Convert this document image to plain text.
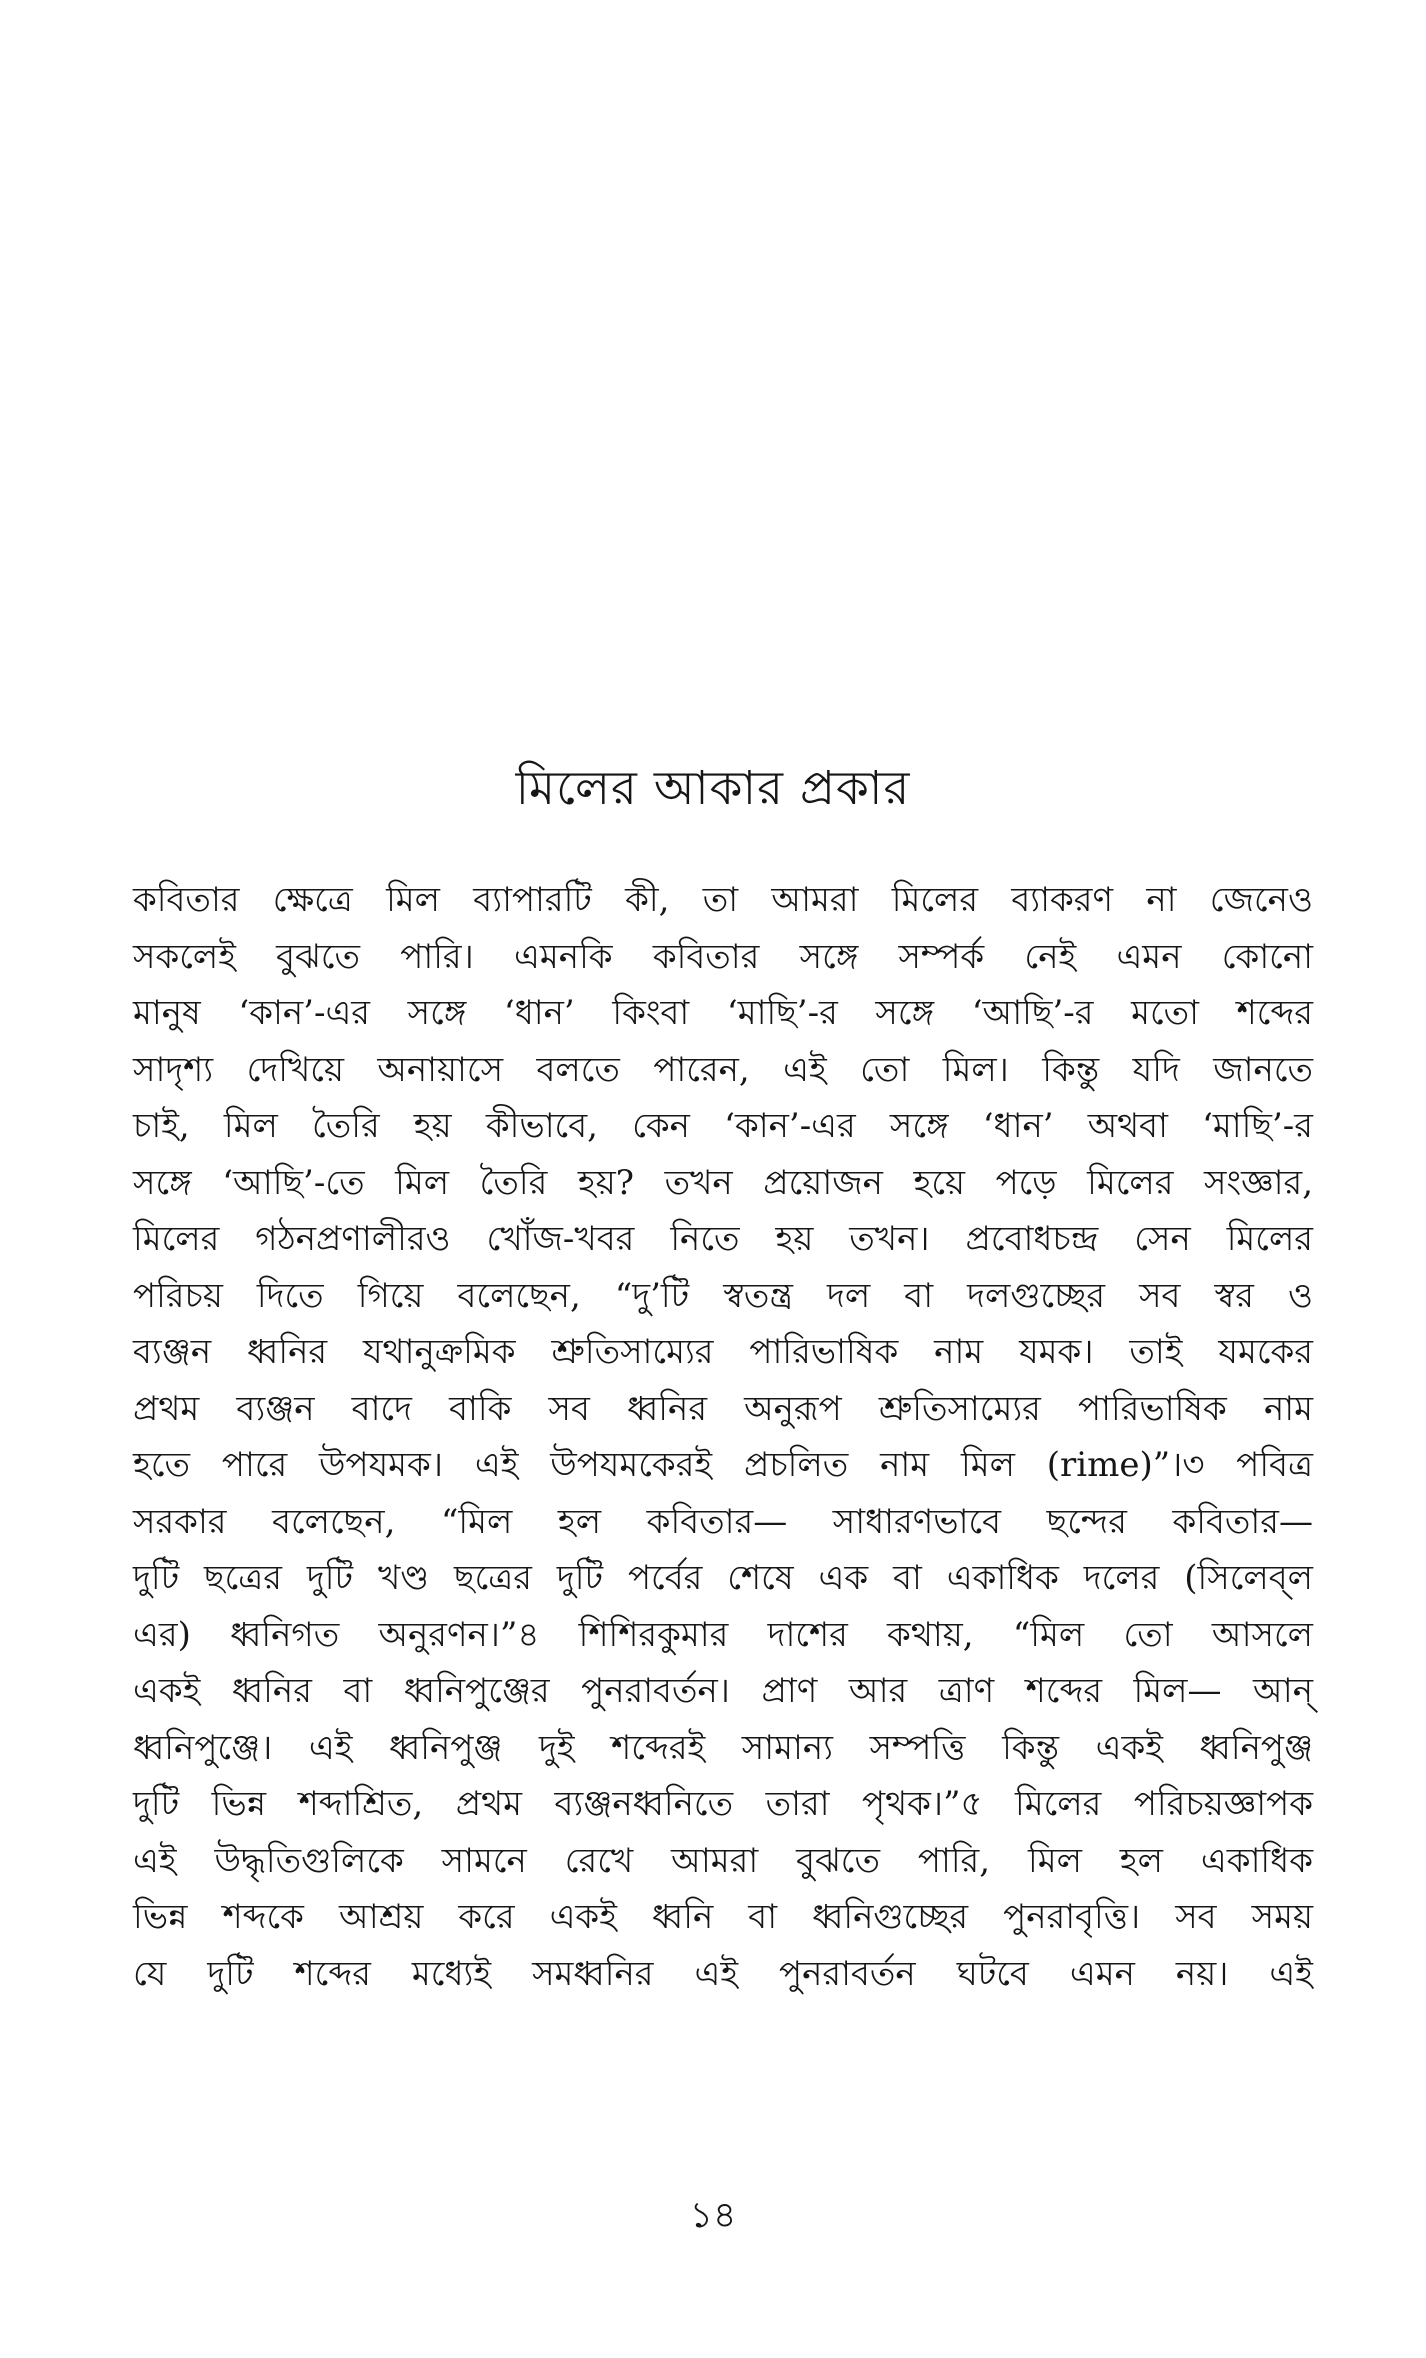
মিলের আকার প্রকার
কবিতার ক্ষেত্রে মিল ব্যাপারটি কী, তা আমরা মিলের ব্যাকরণ না জেনেও
সকলেই বুঝতে পারি। এমনকি কবিতার সঙ্গে সম্পর্ক নেই এমন কোনো
মানুষ ‘কান’-এর সঙ্গে ‘ধান’ কিংবা ‘মাছি’-র সঙ্গে ‘আছি’-র মতো শব্দের
সাদৃশ্য দেখিয়ে অনায়াসে বলতে পারেন, এই তো মিল। কিন্তু যদি জানতে
চাই, মিল তৈরি হয় কীভাবে, কেন ‘কান’-এর সঙ্গে ‘ধান’ অথবা ‘মাছি’-র
সঙ্গে ‘আছি’-তে মিল তৈরি হয়? তখন প্রয়োজন হয়ে পড়ে মিলের সংজ্ঞার,
মিলের গঠনপ্রণালীরও খোঁজ-খবর নিতে হয় তখন। প্রবোধচন্দ্র সেন মিলের
পরিচয় দিতে গিয়ে বলেছেন, “দু’টি স্বতন্ত্র দল বা দলগুচ্ছের সব স্বর ও
ব্যঞ্জন ধ্বনির যথানুক্রমিক শ্রুতিসাম্যের পারিভাষিক নাম যমক। তাই যমকের
প্রথম ব্যঞ্জন বাদে বাকি সব ধ্বনির অনুরূপ শ্রুতিসাম্যের পারিভাষিক নাম
হতে পারে উপযমক। এই উপযমকেরই প্রচলিত নাম মিল (rime)”।৩ পবিত্র
সরকার বলেছেন, “মিল হল কবিতার— সাধারণভাবে ছন্দের কবিতার—
দুটি ছত্রের দুটি খণ্ড ছত্রের দুটি পর্বের শেষে এক বা একাধিক দলের (সিলেব্‌ল
এর) ধ্বনিগত অনুরণন।”৪ শিশিরকুমার দাশের কথায়, “মিল তো আসলে
একই ধ্বনির বা ধ্বনিপুঞ্জের পুনরাবর্তন। প্রাণ আর ত্রাণ শব্দের মিল— আন্
ধ্বনিপুঞ্জে। এই ধ্বনিপুঞ্জ দুই শব্দেরই সামান্য সম্পত্তি কিন্তু একই ধ্বনিপুঞ্জ
দুটি ভিন্ন শব্দাশ্রিত, প্রথম ব্যঞ্জনধ্বনিতে তারা পৃথক।”৫ মিলের পরিচয়জ্ঞাপক
এই উদ্ধৃতিগুলিকে সামনে রেখে আমরা বুঝতে পারি, মিল হল একাধিক
ভিন্ন শব্দকে আশ্রয় করে একই ধ্বনি বা ধ্বনিগুচ্ছের পুনরাবৃত্তি। সব সময়
যে দুটি শব্দের মধ্যেই সমধ্বনির এই পুনরাবর্তন ঘটবে এমন নয়। এই
১৪
